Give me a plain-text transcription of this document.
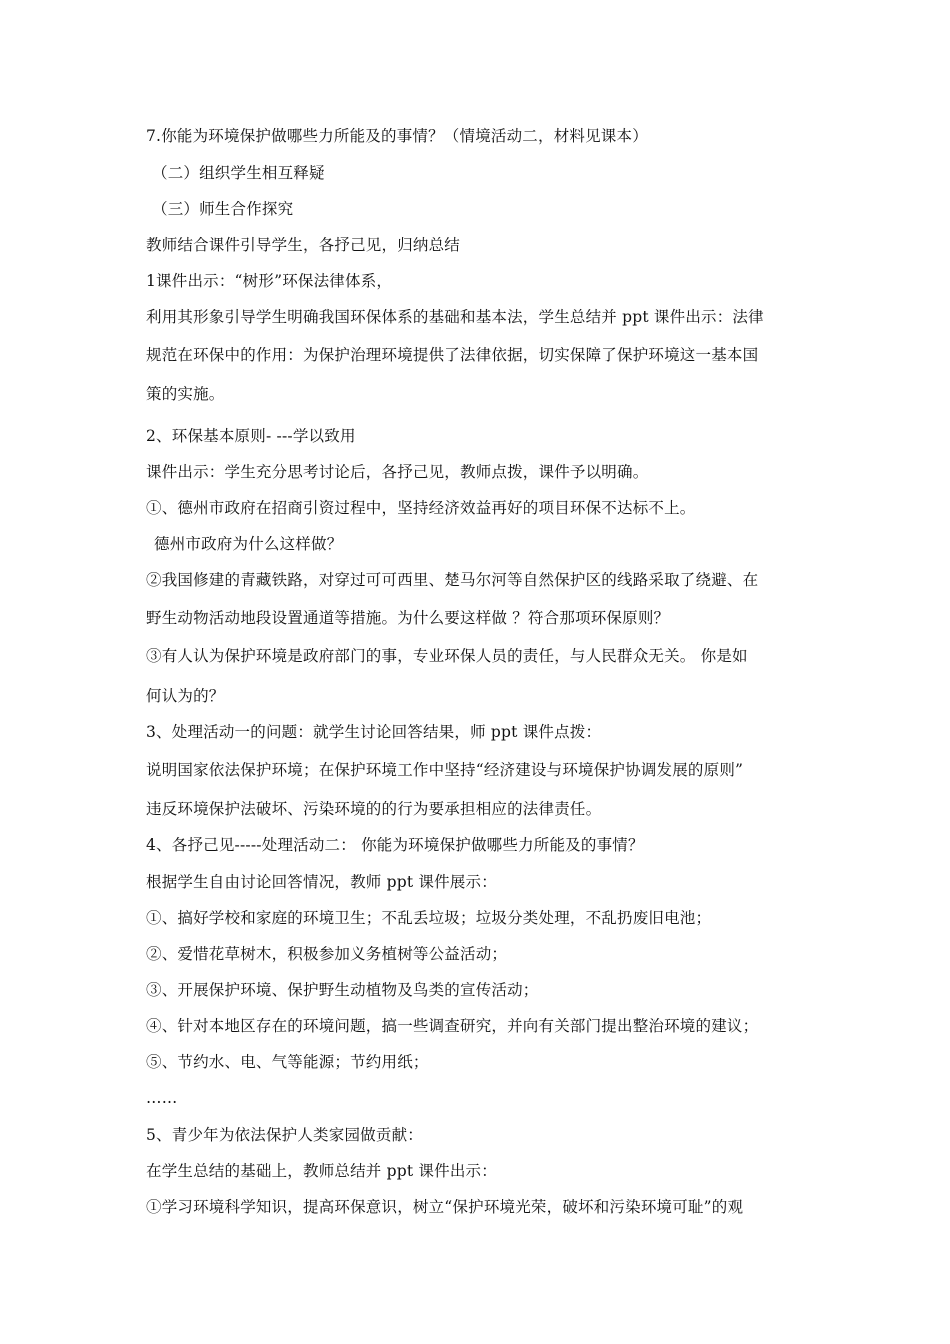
7.你能为环境保护做哪些力所能及的事情？（情境活动二，材料见课本）
（二）组织学生相互释疑
（三）师生合作探究
教师结合课件引导学生，各抒己见，归纳总结
1课件出示：“树形”环保法律体系，
利用其形象引导学生明确我国环保体系的基础和基本法，学生总结并 ppt 课件出示：法律
规范在环保中的作用：为保护治理环境提供了法律依据，切实保障了保护环境这一基本国
策的实施。
2、环保基本原则- ---学以致用
课件出示：学生充分思考讨论后，各抒己见，教师点拨，课件予以明确。
①、德州市政府在招商引资过程中，坚持经济效益再好的项目环保不达标不上。
德州市政府为什么这样做？
②我国修建的青藏铁路，对穿过可可西里、楚马尔河等自然保护区的线路采取了绕避、在
野生动物活动地段设置通道等措施。为什么要这样做 ？符合那项环保原则？
③有人认为保护环境是政府部门的事，专业环保人员的责任，与人民群众无关。 你是如
何认为的？
3、处理活动一的问题：就学生讨论回答结果，师 ppt 课件点拨：
说明国家依法保护环境；在保护环境工作中坚持“经济建设与环境保护协调发展的原则”
违反环境保护法破坏、污染环境的的行为要承担相应的法律责任。
4、各抒己见-----处理活动二： 你能为环境保护做哪些力所能及的事情？
根据学生自由讨论回答情况，教师 ppt 课件展示：
①、搞好学校和家庭的环境卫生；不乱丢垃圾；垃圾分类处理，不乱扔废旧电池；
②、爱惜花草树木，积极参加义务植树等公益活动；
③、开展保护环境、保护野生动植物及鸟类的宣传活动；
④、针对本地区存在的环境问题，搞一些调查研究，并向有关部门提出整治环境的建议；
⑤、节约水、电、气等能源；节约用纸；
……
5、青少年为依法保护人类家园做贡献：
在学生总结的基础上，教师总结并 ppt 课件出示：
①学习环境科学知识，提高环保意识，树立“保护环境光荣，破坏和污染环境可耻”的观
